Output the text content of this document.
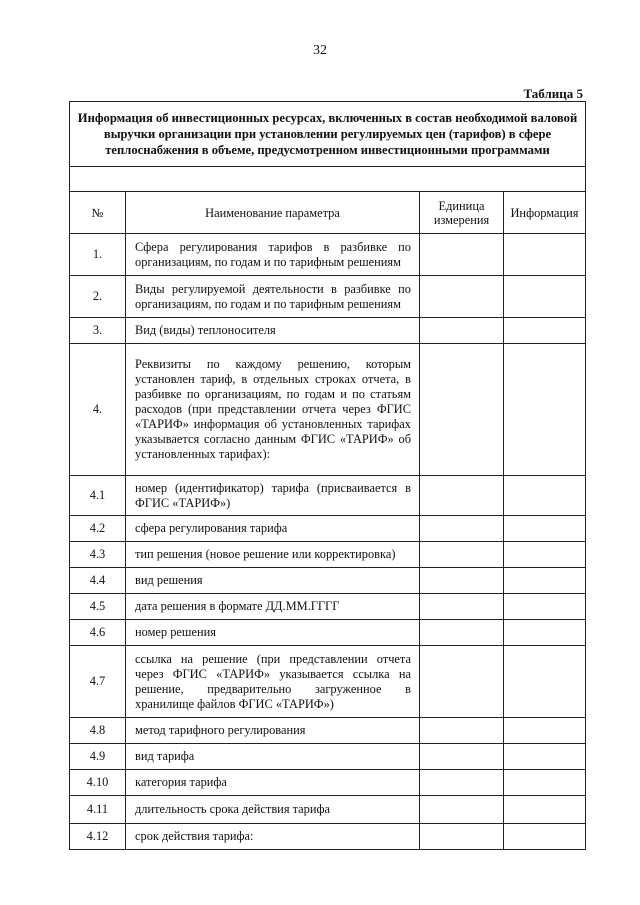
32
Таблица 5
Информация об инвестиционных ресурсах, включенных в состав необходимой валовой выручки организации при установлении регулируемых цен (тарифов) в сфере теплоснабжения в объеме, предусмотренном инвестиционными программами			

№	Наименование параметра	Единица измерения	Информация
1.	Сфера регулирования тарифов в разбивке по организациям, по годам и по тарифным решениям		
2.	Виды регулируемой деятельности в разбивке по организациям, по годам и по тарифным решениям		
3.	Вид (виды) теплоносителя		
4.	Реквизиты по каждому решению, которым установлен тариф, в отдельных строках отчета, в разбивке по организациям, по годам и по статьям расходов (при представлении отчета через ФГИС «ТАРИФ» информация об установленных тарифах указывается согласно данным ФГИС «ТАРИФ» об установленных тарифах):		
4.1	номер (идентификатор) тарифа (присваивается в ФГИС «ТАРИФ»)		
4.2	сфера регулирования тарифа		
4.3	тип решения (новое решение или корректировка)		
4.4	вид решения		
4.5	дата решения в формате ДД.ММ.ГГГГ		
4.6	номер решения		
4.7	ссылка на решение (при представлении отчета через ФГИС «ТАРИФ» указывается ссылка на решение, предварительно загруженное в хранилище файлов ФГИС «ТАРИФ»)		
4.8	метод тарифного регулирования		
4.9	вид тарифа		
4.10	категория тарифа		
4.11	длительность срока действия тарифа		
4.12	срок действия тарифа:		
